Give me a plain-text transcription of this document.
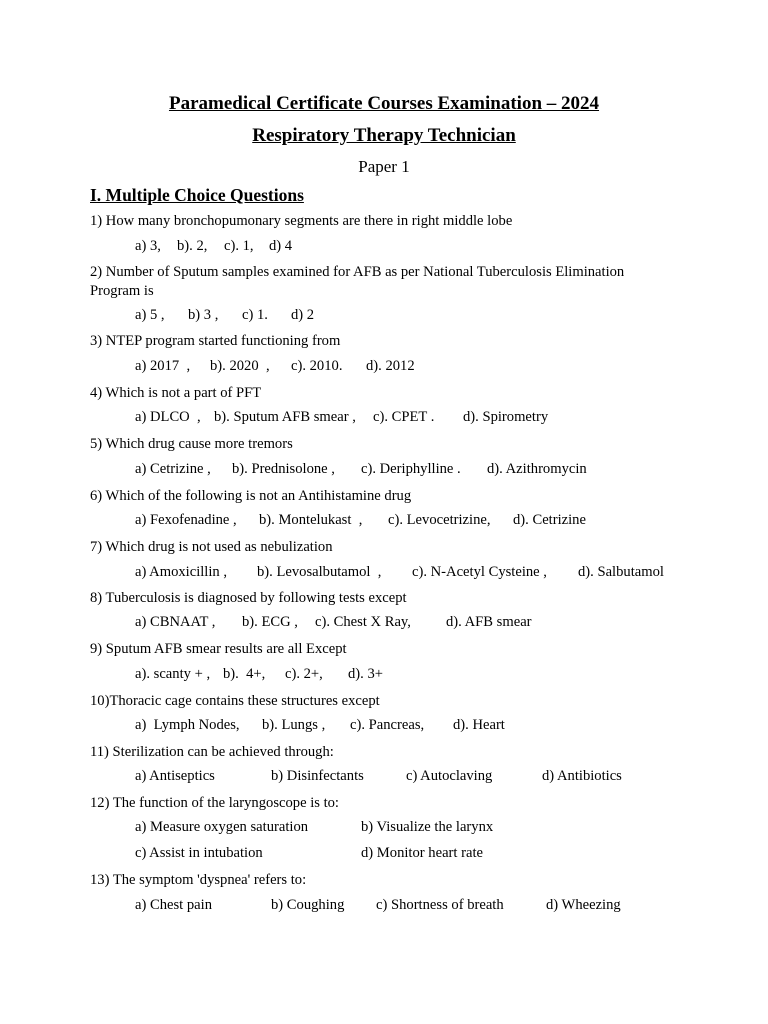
Paramedical Certificate Courses Examination – 2024
Respiratory Therapy Technician
Paper 1
I. Multiple Choice Questions
1) How many bronchopumonary segments are there in right middle lobe
a) 3, b). 2, c). 1, d) 4
2) Number of Sputum samples examined for AFB as per National Tuberculosis Elimination
Program is
a) 5 , b) 3 , c) 1. d) 2
3) NTEP program started functioning from
a) 2017  , b). 2020  , c). 2010. d). 2012
4) Which is not a part of PFT
a) DLCO  , b). Sputum AFB smear , c). CPET . d). Spirometry
5) Which drug cause more tremors
a) Cetrizine , b). Prednisolone , c). Deriphylline . d). Azithromycin
6) Which of the following is not an Antihistamine drug
a) Fexofenadine , b). Montelukast  , c). Levocetrizine, d). Cetrizine
7) Which drug is not used as nebulization
a) Amoxicillin , b). Levosalbutamol  , c). N-Acetyl Cysteine , d). Salbutamol
8) Tuberculosis is diagnosed by following tests except
a) CBNAAT , b). ECG , c). Chest X Ray, d). AFB smear
9) Sputum AFB smear results are all Except
a). scanty + , b).  4+, c). 2+, d). 3+
10)Thoracic cage contains these structures except
a)  Lymph Nodes, b). Lungs , c). Pancreas, d). Heart
11) Sterilization can be achieved through:
a) Antiseptics	b) Disinfectants	c) Autoclaving	d) Antibiotics
12) The function of the laryngoscope is to:
a) Measure oxygen saturation	b) Visualize the larynx
c) Assist in intubation	d) Monitor heart rate
13) The symptom 'dyspnea' refers to:
a) Chest pain	b) Coughing c) Shortness of breath	d) Wheezing
